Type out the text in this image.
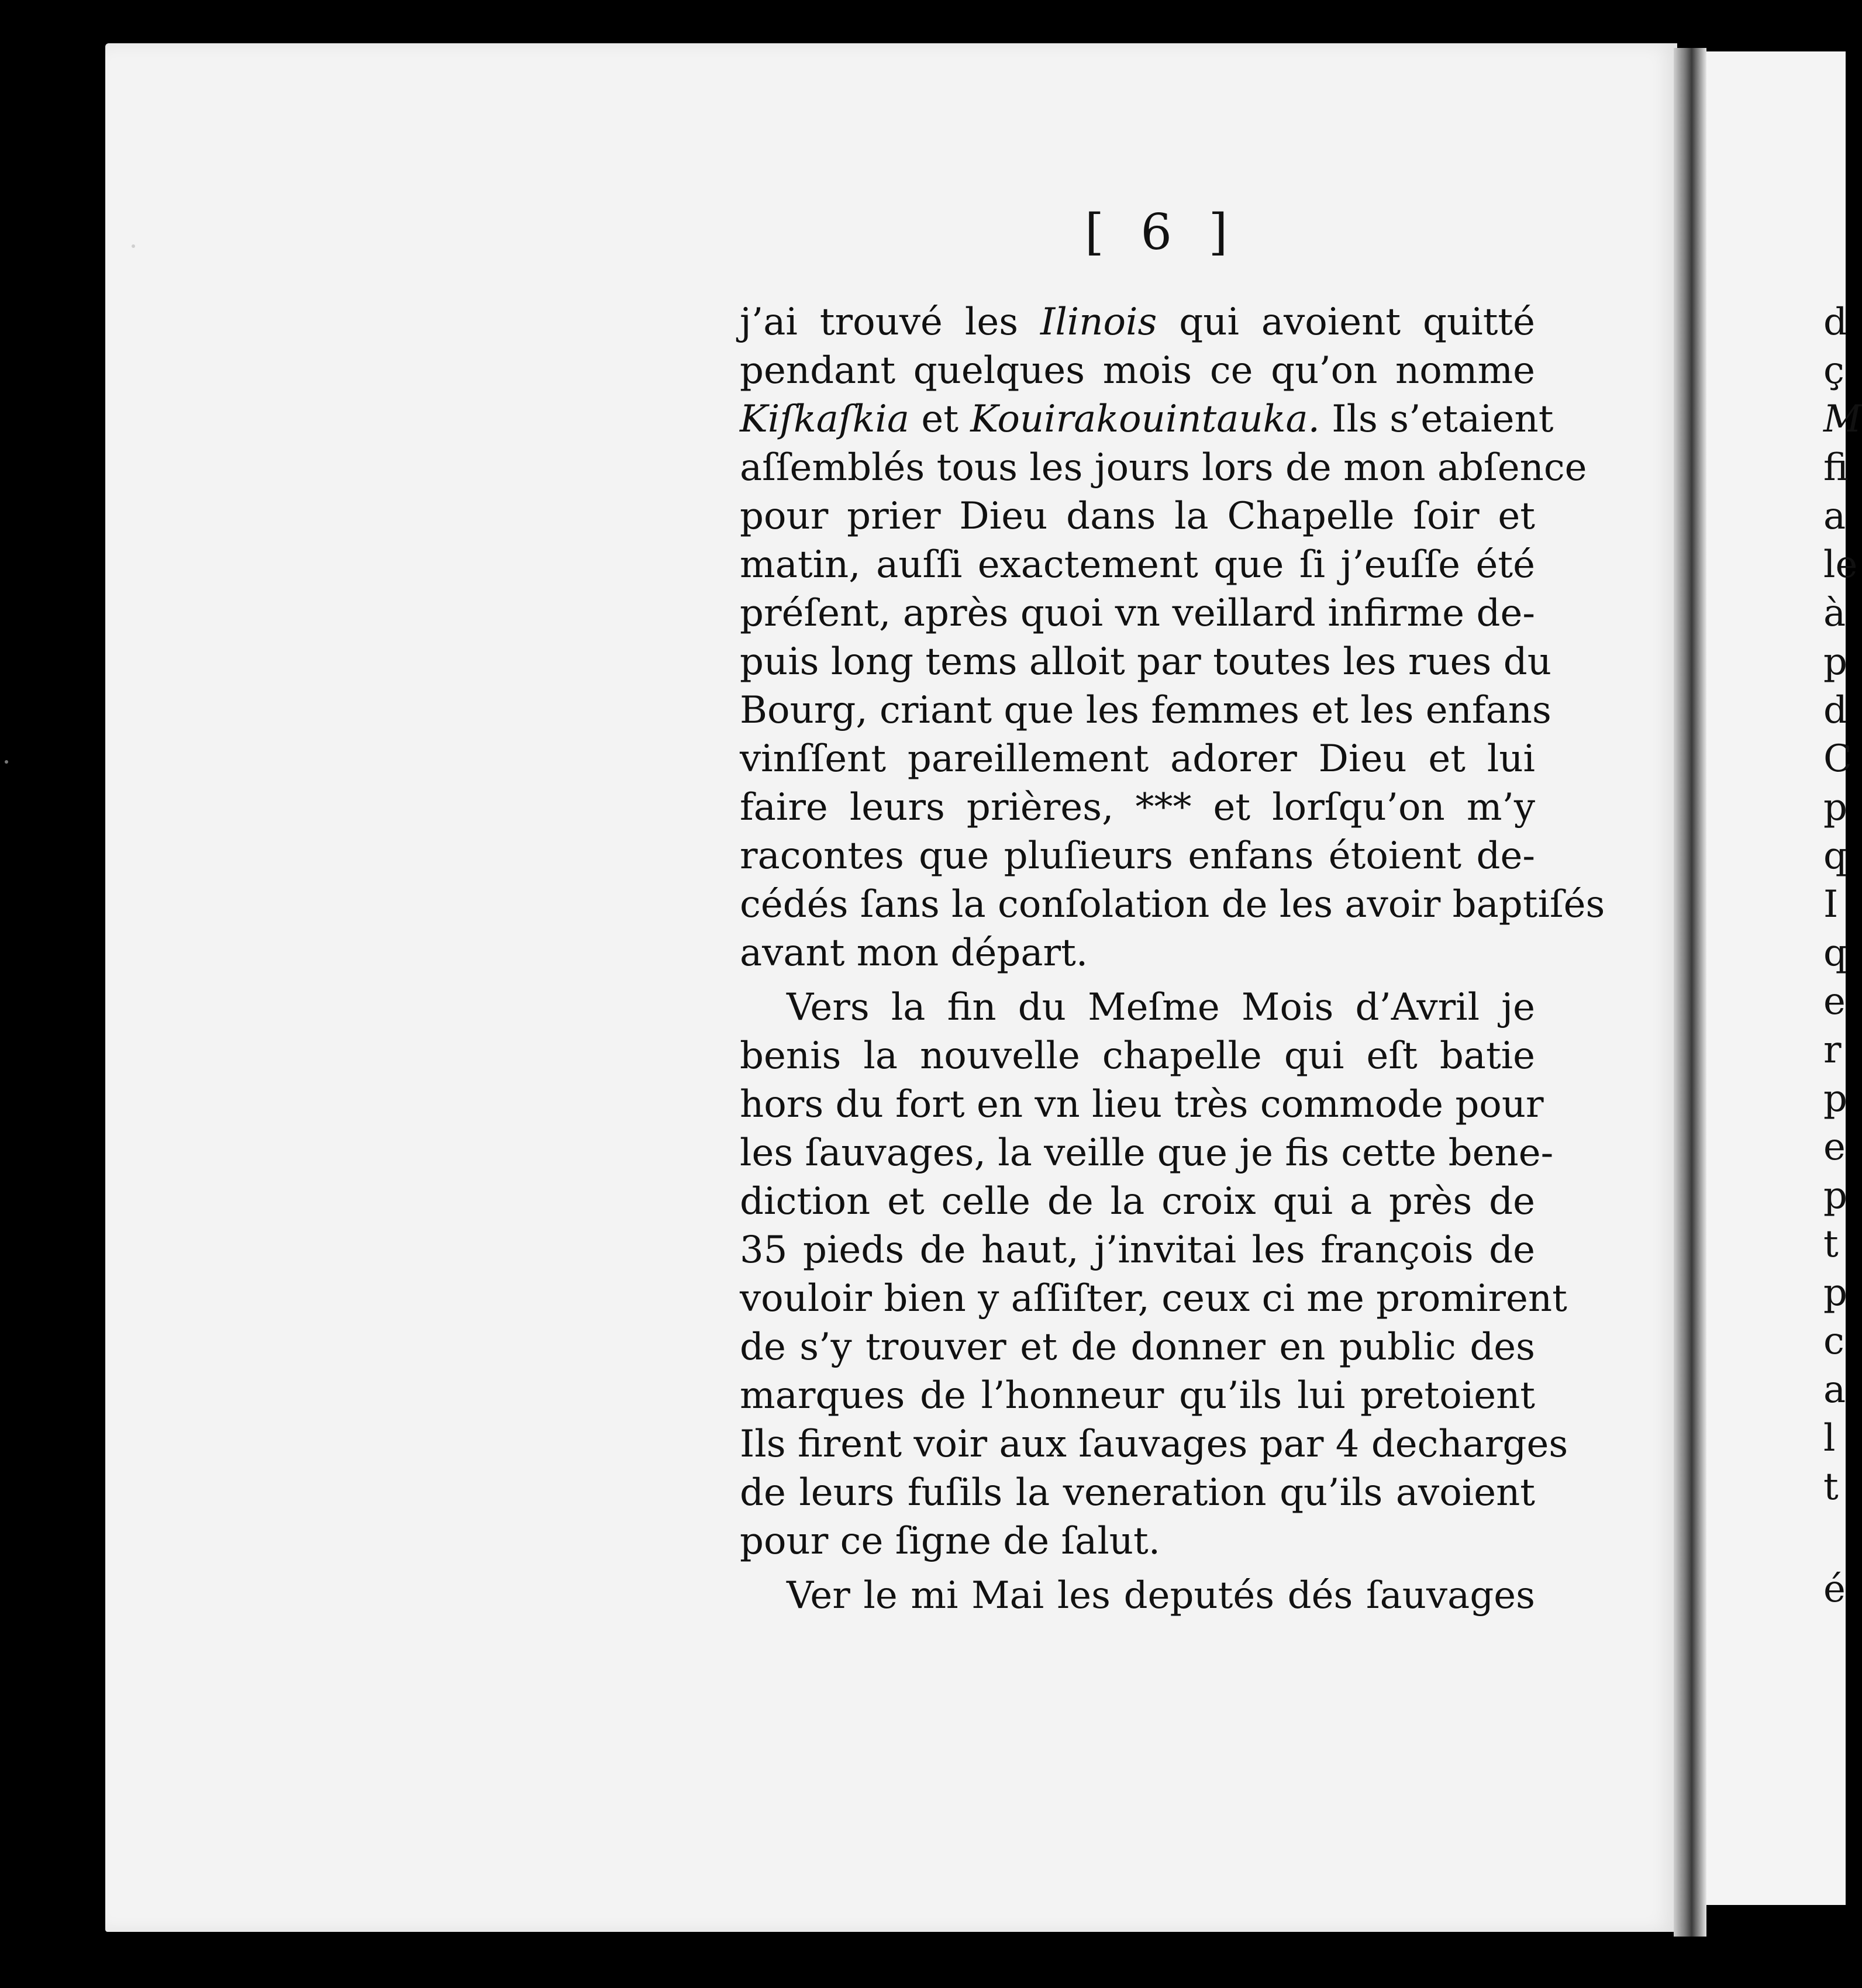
[ 6 ]
j’ai trouvé les Ilinois qui avoient quitté
pendant quelques mois ce qu’on nomme
Kiſkaſkia et Kouirakouintauka. Ils s’etaient
aſſemblés tous les jours lors de mon abſence
pour prier Dieu dans la Chapelle ſoir et
matin, auſſi exactement que ſi j’euſſe été
préſent, après quoi vn veillard infirme de-
puis long tems alloit par toutes les rues du
Bourg, criant que les femmes et les enfans
vinſſent pareillement adorer Dieu et lui
faire leurs prières, *** et lorſqu’on m’y
racontes que pluſieurs enfans étoient de-
cédés ſans la conſolation de les avoir baptiſés
avant mon départ.
Vers la fin du Meſme Mois d’Avril je
benis la nouvelle chapelle qui eſt batie
hors du fort en vn lieu très commode pour
les ſauvages, la veille que je fis cette bene-
diction et celle de la croix qui a près de
35 pieds de haut, j’invitai les françois de
vouloir bien y aſſiſter, ceux ci me promirent
de s’y trouver et de donner en public des
marques de l’honneur qu’ils lui pretoient
Ils firent voir aux ſauvages par 4 decharges
de leurs fuſils la veneration qu’ils avoient
pour ce ſigne de ſalut.
Ver le mi Mai les deputés dés ſauvages
d
ç
M
fi
a
le
à
p
d
C
p
q
I
q
e
r
p
e
p
t
p
c
a
l
t
é
